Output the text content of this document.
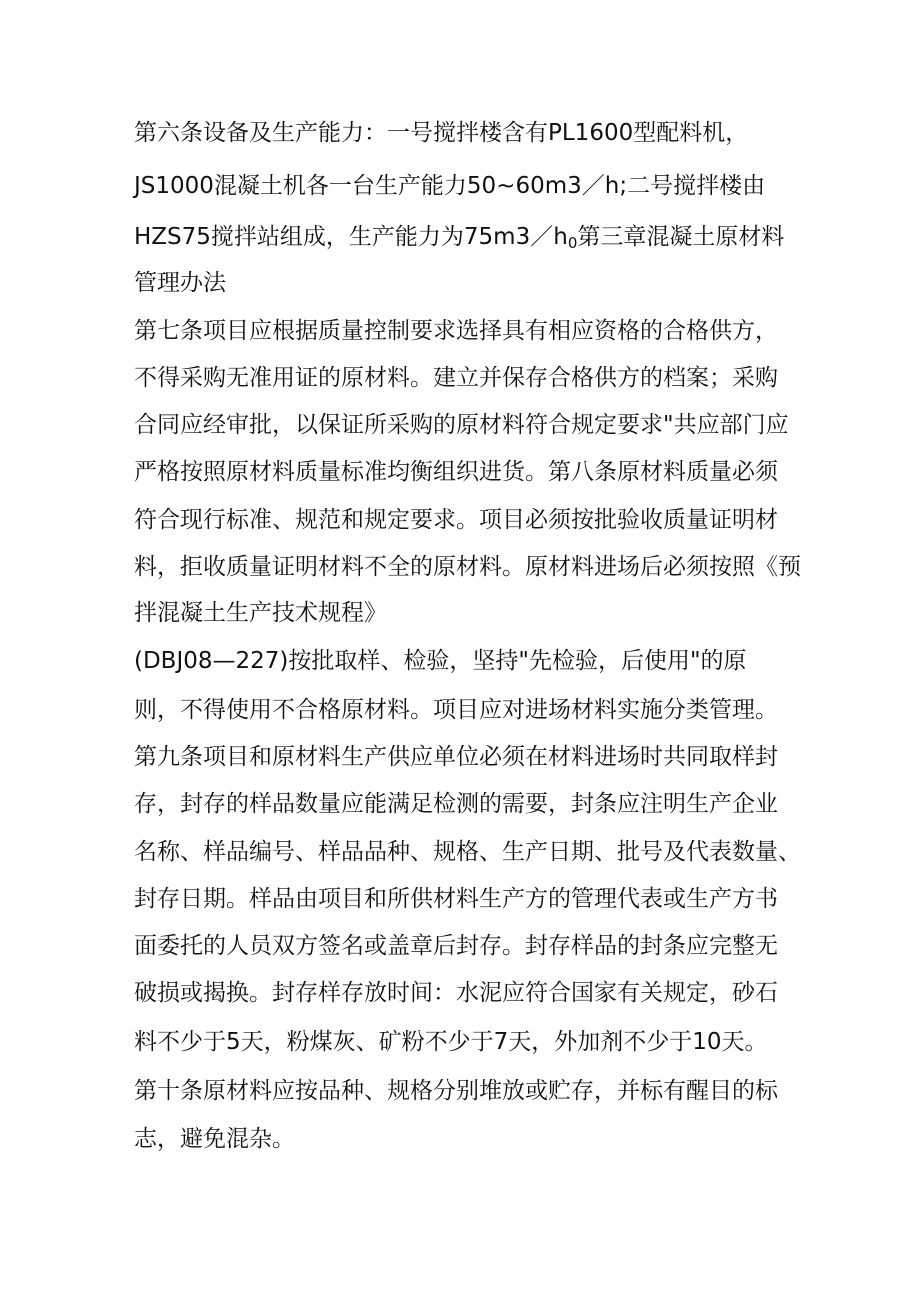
第六条设备及生产能力：一号搅拌楼含有PL1600型配料机，
JS1000混凝土机各一台生产能力50~60m3／h;二号搅拌楼由
HZS75搅拌站组成，生产能力为$75m3/h_0$第三章混凝土原材料
管理办法
第七条项目应根据质量控制要求选择具有相应资格的合格供方，
不得采购无准用证的原材料。建立并保存合格供方的档案；采购
合同应经审批，以保证所采购的原材料符合规定要求"共应部门应
严格按照原材料质量标准均衡组织进货。第八条原材料质量必须
符合现行标准、规范和规定要求。项目必须按批验收质量证明材
料，拒收质量证明材料不全的原材料。原材料进场后必须按照《预
拌混凝土生产技术规程》
(DBJ08—227)按批取样、检验，坚持"先检验，后使用"的原
则，不得使用不合格原材料。项目应对进场材料实施分类管理。
第九条项目和原材料生产供应单位必须在材料进场时共同取样封
存，封存的样品数量应能满足检测的需要，封条应注明生产企业
名称、样品编号、样品品种、规格、生产日期、批号及代表数量、
封存日期。样品由项目和所供材料生产方的管理代表或生产方书
面委托的人员双方签名或盖章后封存。封存样品的封条应完整无
破损或揭换。封存样存放时间：水泥应符合国家有关规定，砂石
料不少于5天，粉煤灰、矿粉不少于7天，外加剂不少于10天。
第十条原材料应按品种、规格分别堆放或贮存，并标有醒目的标
志，避免混杂。
